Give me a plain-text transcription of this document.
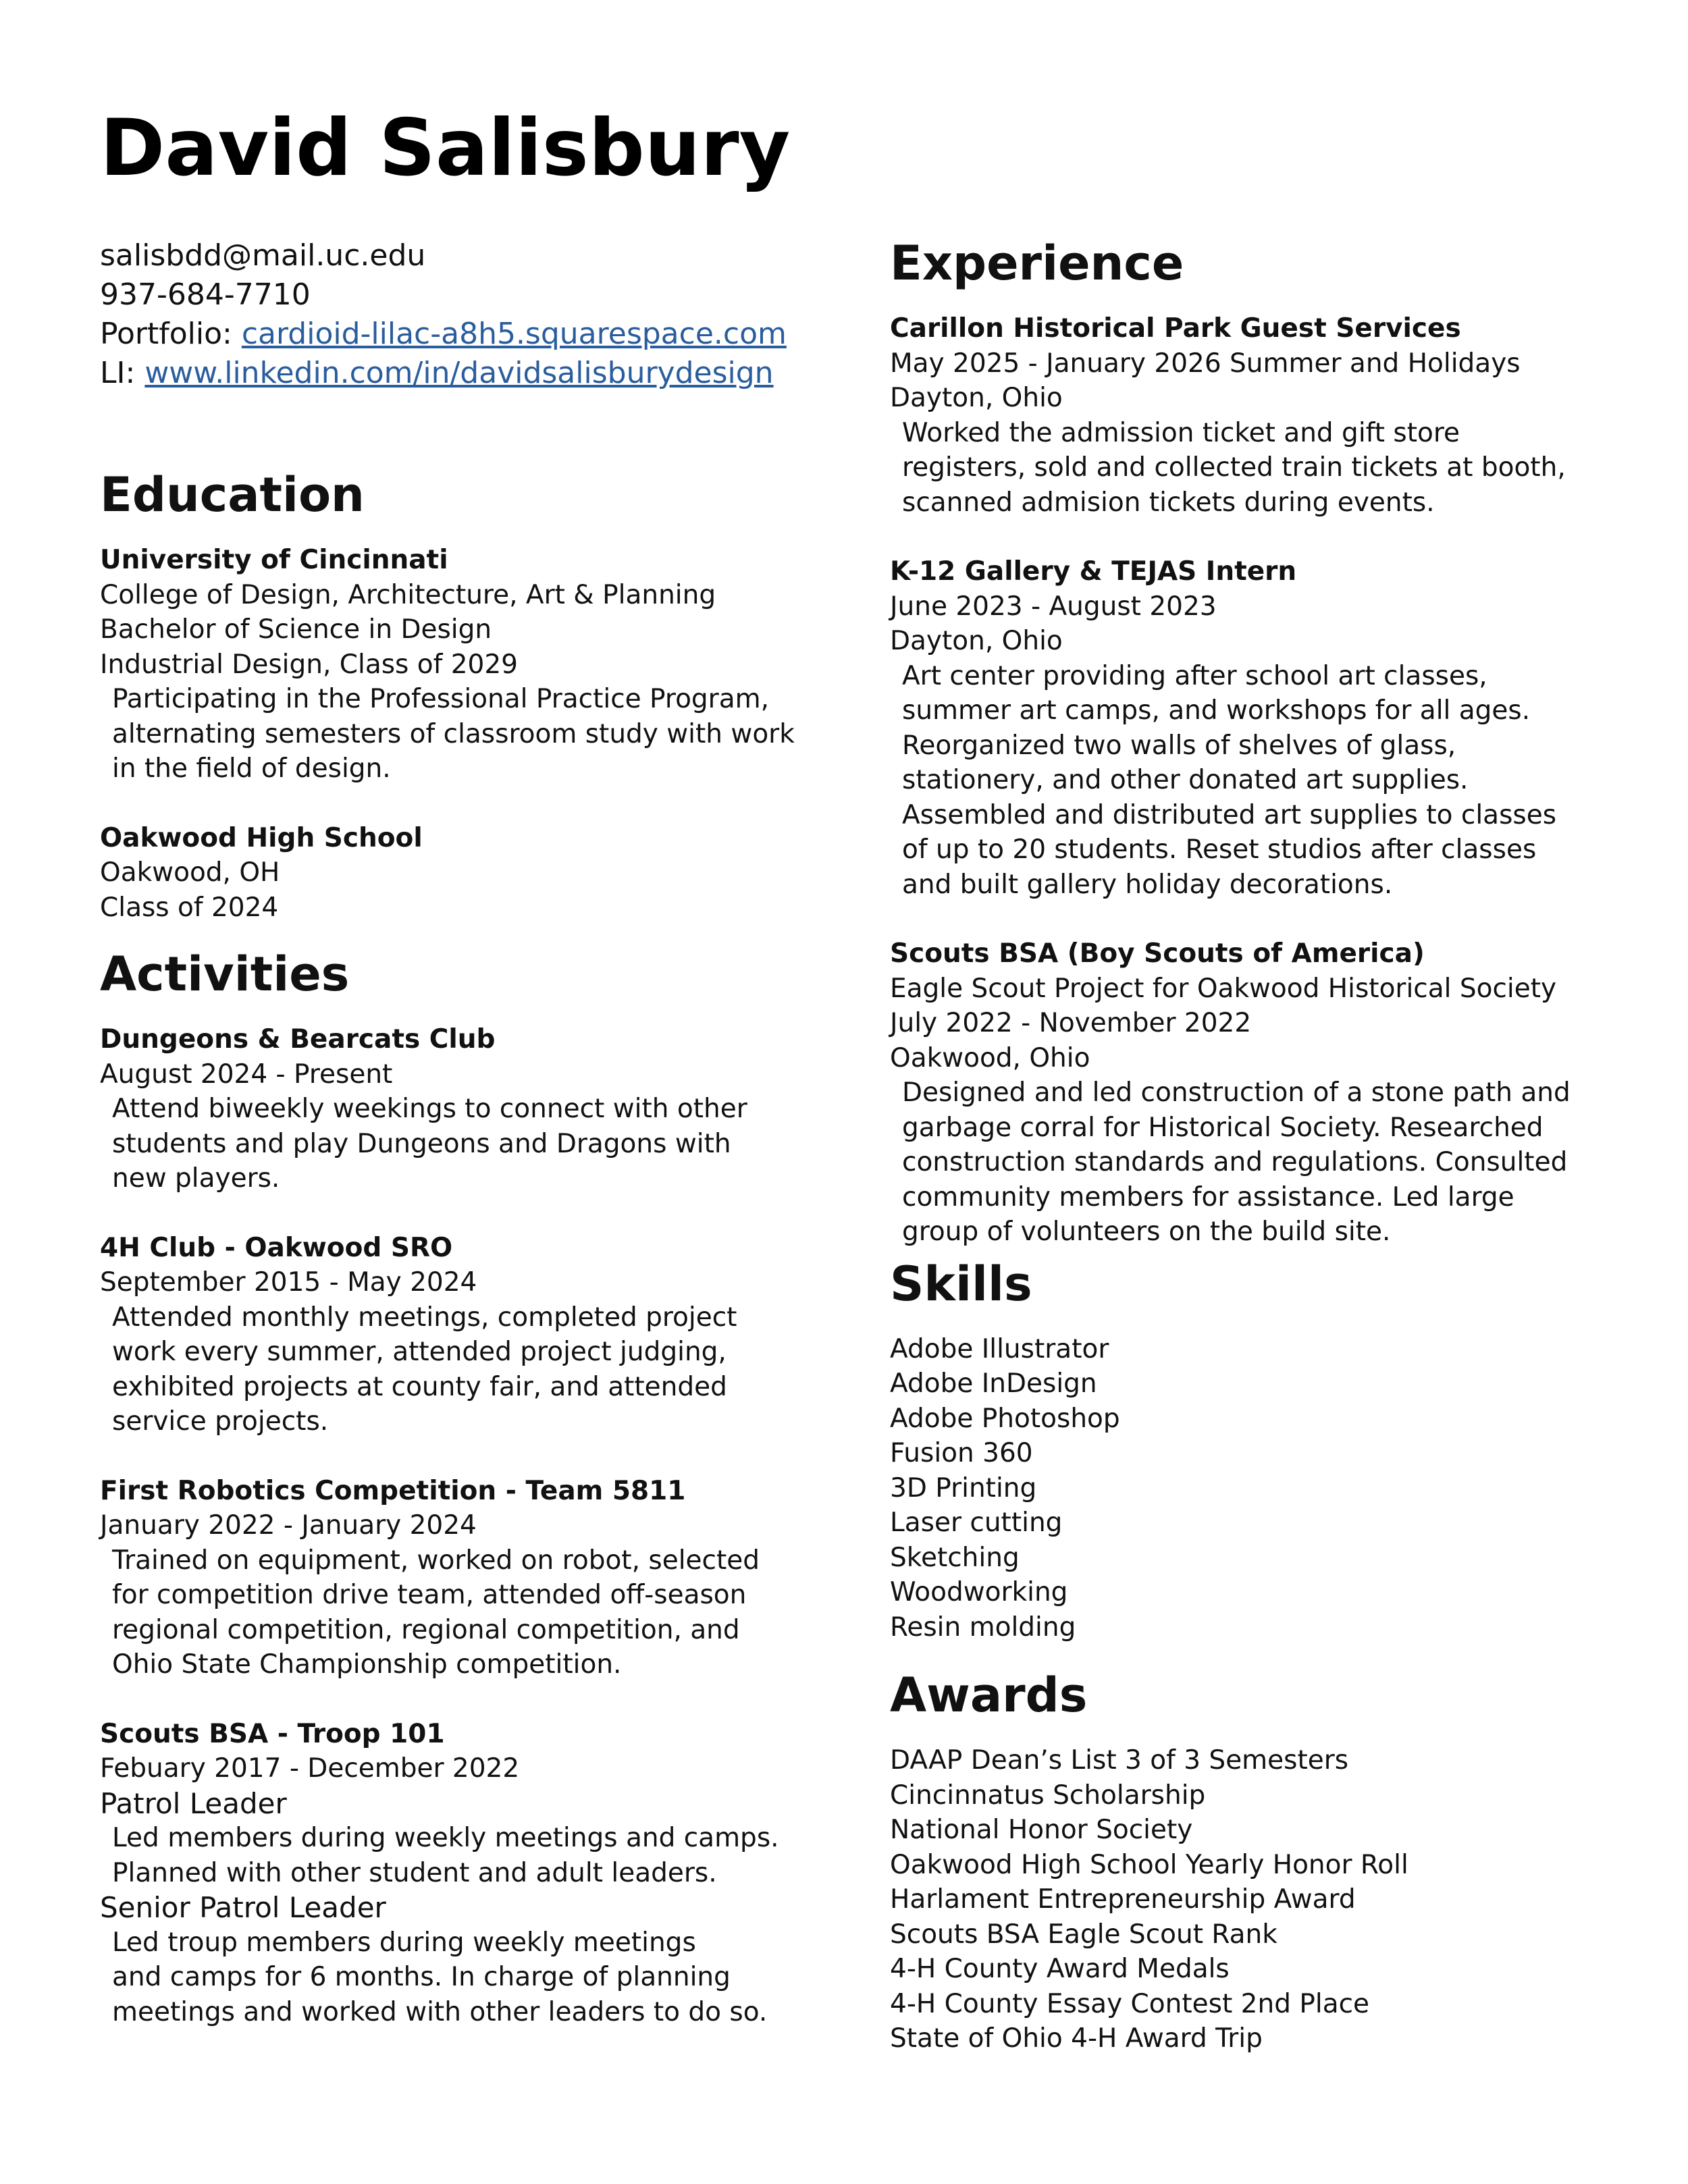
David Salisbury
salisbdd@mail.uc.edu
937-684-7710
Portfolio: cardioid-lilac-a8h5.squarespace.com
LI: www.linkedin.com/in/davidsalisburydesign
Education
University of Cincinnati
College of Design, Architecture, Art & Planning
Bachelor of Science in Design
Industrial Design, Class of 2029
Participating in the Professional Practice Program,
alternating semesters of classroom study with work
in the field of design.
Oakwood High School
Oakwood, OH
Class of 2024
Activities
Dungeons & Bearcats Club
August 2024 - Present
Attend biweekly weekings to connect with other
students and play Dungeons and Dragons with
new players.
4H Club - Oakwood SRO
September 2015 - May 2024
Attended monthly meetings, completed project
work every summer, attended project judging,
exhibited projects at county fair, and attended
service projects.
First Robotics Competition - Team 5811
January 2022 - January 2024
Trained on equipment, worked on robot, selected
for competition drive team, attended off-season
regional competition, regional competition, and
Ohio State Championship competition.
Scouts BSA - Troop 101
Febuary 2017 - December 2022
Patrol Leader
Led members during weekly meetings and camps.
Planned with other student and adult leaders.
Senior Patrol Leader
Led troup members during weekly meetings
and camps for 6 months. In charge of planning
meetings and worked with other leaders to do so.
Experience
Carillon Historical Park Guest Services
May 2025 - January 2026 Summer and Holidays
Dayton, Ohio
Worked the admission ticket and gift store
registers, sold and collected train tickets at booth,
scanned admision tickets during events.
K-12 Gallery & TEJAS Intern
June 2023 - August 2023
Dayton, Ohio
Art center providing after school art classes,
summer art camps, and workshops for all ages.
Reorganized two walls of shelves of glass,
stationery, and other donated art supplies.
Assembled and distributed art supplies to classes
of up to 20 students. Reset studios after classes
and built gallery holiday decorations.
Scouts BSA (Boy Scouts of America)
Eagle Scout Project for Oakwood Historical Society
July 2022 - November 2022
Oakwood, Ohio
Designed and led construction of a stone path and
garbage corral for Historical Society. Researched
construction standards and regulations. Consulted
community members for assistance. Led large
group of volunteers on the build site.
Skills
Adobe Illustrator
Adobe InDesign
Adobe Photoshop
Fusion 360
3D Printing
Laser cutting
Sketching
Woodworking
Resin molding
Awards
DAAP Dean’s List 3 of 3 Semesters
Cincinnatus Scholarship
National Honor Society
Oakwood High School Yearly Honor Roll
Harlament Entrepreneurship Award
Scouts BSA Eagle Scout Rank
4-H County Award Medals
4-H County Essay Contest 2nd Place
State of Ohio 4-H Award Trip
